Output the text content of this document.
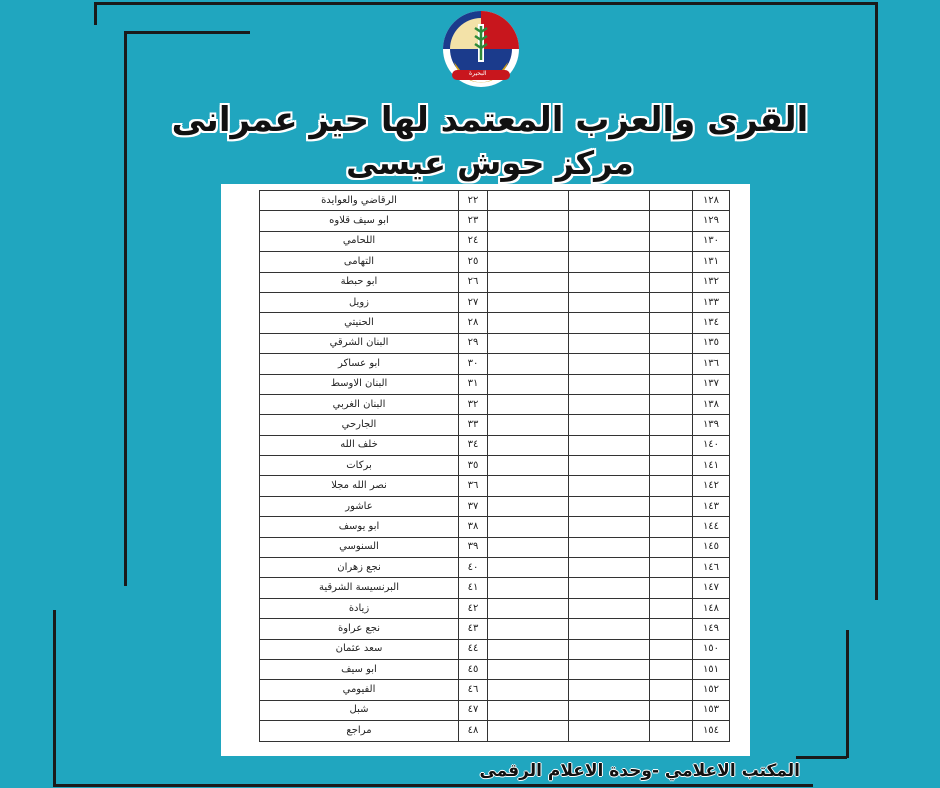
البحيرة
القرى والعزب المعتمد لها حيز عمرانى
مركز حوش عيسى
١٢٨				٢٢	الرقاضي والعوايدة
١٢٩				٢٣	ابو سيف قلاوه
١٣٠				٢٤	اللحامي
١٣١				٢٥	التهامى
١٣٢				٢٦	ابو حبطة
١٣٣				٢٧	زويل
١٣٤				٢٨	الحنيتي
١٣٥				٢٩	البنان الشرقي
١٣٦				٣٠	ابو عساكر
١٣٧				٣١	البنان الاوسط
١٣٨				٣٢	البنان الغربي
١٣٩				٣٣	الجارحي
١٤٠				٣٤	خلف الله
١٤١				٣٥	بركات
١٤٢				٣٦	نصر الله مجلا
١٤٣				٣٧	عاشور
١٤٤				٣٨	ابو يوسف
١٤٥				٣٩	السنوسي
١٤٦				٤٠	نجع زهران
١٤٧				٤١	البرنسيسة الشرقية
١٤٨				٤٢	زيادة
١٤٩				٤٣	نجع عراوة
١٥٠				٤٤	سعد عثمان
١٥١				٤٥	ابو سيف
١٥٢				٤٦	الفيومي
١٥٣				٤٧	شبل
١٥٤				٤٨	مراجع
المكتب الاعلامي -وحدة الاعلام الرقمى
